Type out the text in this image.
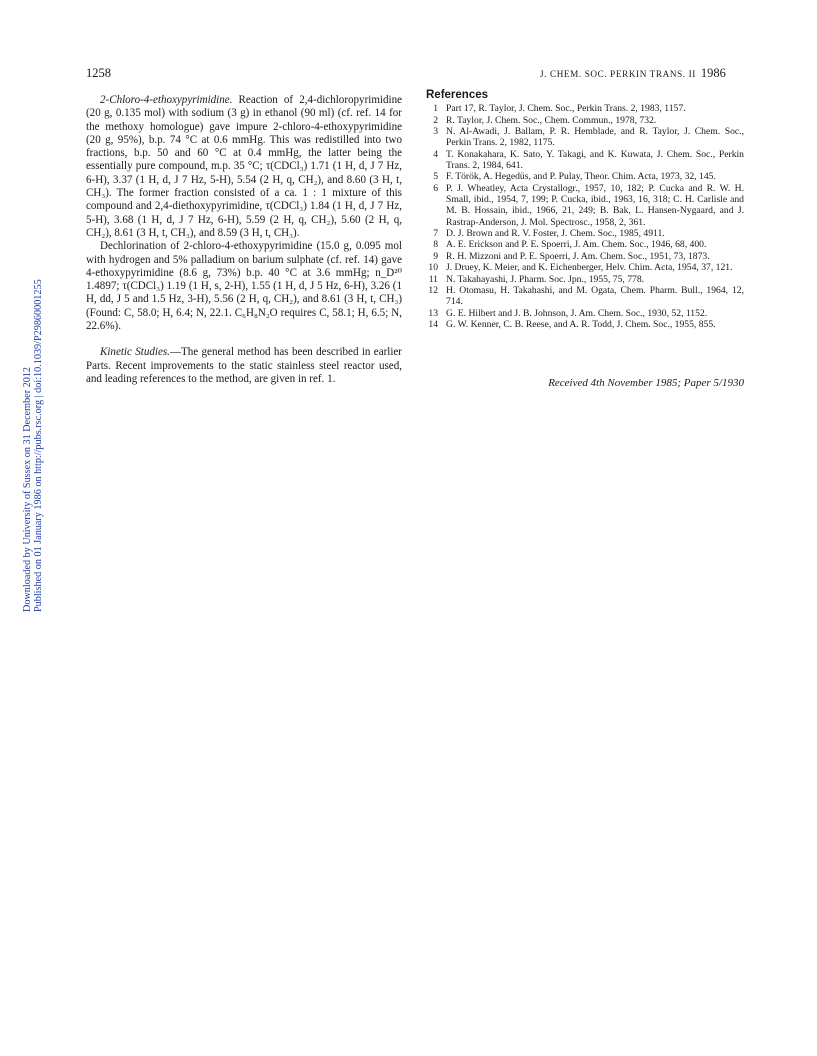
Downloaded by University of Sussex on 31 December 2012 Published on 01 January 1986 on http://pubs.rsc.org | doi:10.1039/P29860001255
1258	J. CHEM. SOC. PERKIN TRANS. II 1986

2-Chloro-4-ethoxypyrimidine. Reaction of 2,4-dichloropyrimidine (20 g, 0.135 mol) with sodium (3 g) in ethanol (90 ml) (cf. ref. 14 for the methoxy homologue) gave impure 2-chloro-4-ethoxypyrimidine (20 g, 95%), b.p. 74 °C at 0.6 mmHg. This was redistilled into two fractions, b.p. 50 and 60 °C at 0.4 mmHg, the latter being the essentially pure compound, m.p. 35 °C; τ(CDCl₃) 1.71 (1 H, d, J 7 Hz, 6-H), 3.37 (1 H, d, J 7 Hz, 5-H), 5.54 (2 H, q, CH₂), and 8.60 (3 H, t, CH₃). The former fraction consisted of a ca. 1 : 1 mixture of this compound and 2,4-diethoxypyrimidine, τ(CDCl₃) 1.84 (1 H, d, J 7 Hz, 5-H), 3.68 (1 H, d, J 7 Hz, 6-H), 5.59 (2 H, q, CH₂), 5.60 (2 H, q, CH₂), 8.61 (3 H, t, CH₃), and 8.59 (3 H, t, CH₃).

Dechlorination of 2-chloro-4-ethoxypyrimidine (15.0 g, 0.095 mol with hydrogen and 5% palladium on barium sulphate (cf. ref. 14) gave 4-ethoxypyrimidine (8.6 g, 73%) b.p. 40 °C at 3.6 mmHg; n_D²⁰ 1.4897; τ(CDCl₃) 1.19 (1 H, s, 2-H), 1.55 (1 H, d, J 5 Hz, 6-H), 3.26 (1 H, dd, J 5 and 1.5 Hz, 3-H), 5.56 (2 H, q, CH₂), and 8.61 (3 H, t, CH₃) (Found: C, 58.0; H, 6.4; N, 22.1. C₆H₈N₂O requires C, 58.1; H, 6.5; N, 22.6%).

Kinetic Studies.—The general method has been described in earlier Parts. Recent improvements to the static stainless steel reactor used, and leading references to the method, are given in ref. 1.

References
1 Part 17, R. Taylor, J. Chem. Soc., Perkin Trans. 2, 1983, 1157.
2 R. Taylor, J. Chem. Soc., Chem. Commun., 1978, 732.
3 N. Al-Awadi, J. Ballam, P. R. Hemblade, and R. Taylor, J. Chem. Soc., Perkin Trans. 2, 1982, 1175.
4 T. Konakahara, K. Sato, Y. Takagi, and K. Kuwata, J. Chem. Soc., Perkin Trans. 2, 1984, 641.
5 F. Török, A. Hegedüs, and P. Pulay, Theor. Chim. Acta, 1973, 32, 145.
6 P. J. Wheatley, Acta Crystallogr., 1957, 10, 182; P. Cucka and R. W. H. Small, ibid., 1954, 7, 199; P. Cucka, ibid., 1963, 16, 318; C. H. Carlisle and M. B. Hossain, ibid., 1966, 21, 249; B. Bak, L. Hansen-Nygaard, and J. Rastrap-Anderson, J. Mol. Spectrosc., 1958, 2, 361.
7 D. J. Brown and R. V. Foster, J. Chem. Soc., 1985, 4911.
8 A. E. Erickson and P. E. Spoerri, J. Am. Chem. Soc., 1946, 68, 400.
9 R. H. Mizzoni and P. E. Spoerri, J. Am. Chem. Soc., 1951, 73, 1873.
10 J. Druey, K. Meier, and K. Eichenberger, Helv. Chim. Acta, 1954, 37, 121.
11 N. Takahayashi, J. Pharm. Soc. Jpn., 1955, 75, 778.
12 H. Otomasu, H. Takahashi, and M. Ogata, Chem. Pharm. Bull., 1964, 12, 714.
13 G. E. Hilbert and J. B. Johnson, J. Am. Chem. Soc., 1930, 52, 1152.
14 G. W. Kenner, C. B. Reese, and A. R. Todd, J. Chem. Soc., 1955, 855.
Received 4th November 1985; Paper 5/1930
